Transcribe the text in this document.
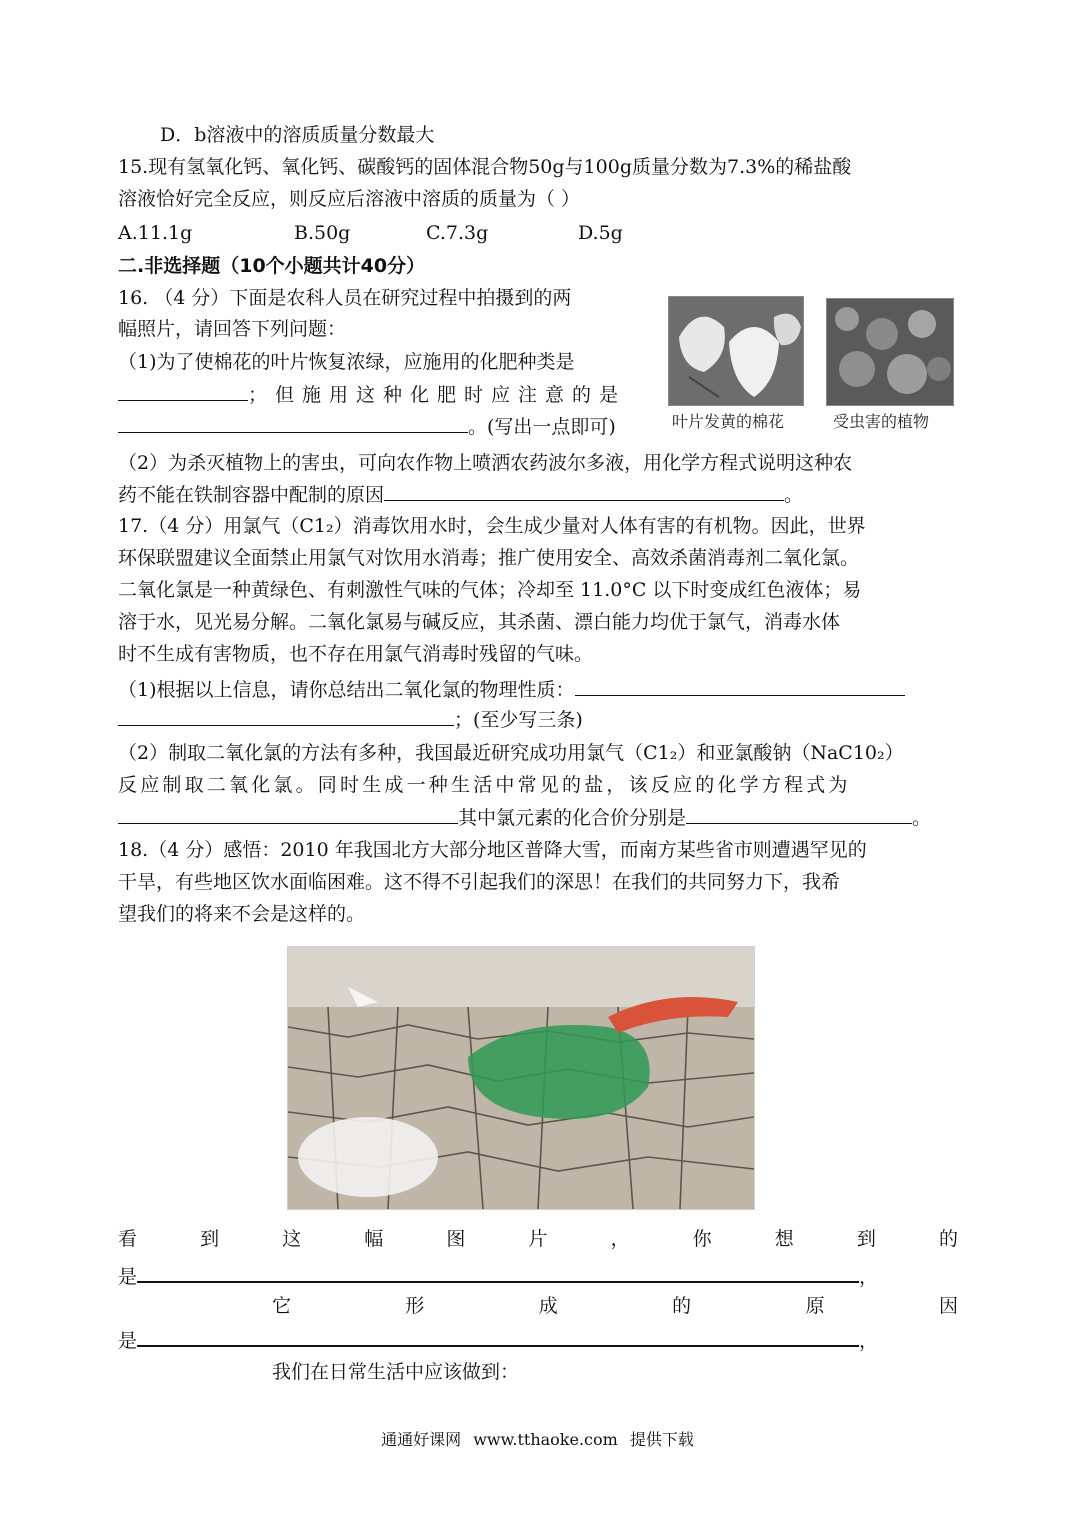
D．b溶液中的溶质质量分数最大
15.现有氢氧化钙、氧化钙、碳酸钙的固体混合物50g与100g质量分数为7.3%的稀盐酸
溶液恰好完全反应，则反应后溶液中溶质的质量为（ ）
A.11.1g	B.50g	C.7.3g	D.5g
二.非选择题（10个小题共计40分）
16. （4 分）下面是农科人员在研究过程中拍摄到的两
幅照片，请回答下列问题：
（1)为了使棉花的叶片恢复浓绿，应施用的化肥种类是
；但施用这种化肥时应注意的是
。(写出一点即可)	叶片发黄的棉花	受虫害的植物
（2）为杀灭植物上的害虫，可向农作物上喷洒农药波尔多液，用化学方程式说明这种农
药不能在铁制容器中配制的原因	。
17.（4 分）用氯气（C1₂）消毒饮用水时，会生成少量对人体有害的有机物。因此，世界
环保联盟建议全面禁止用氯气对饮用水消毒；推广使用安全、高效杀菌消毒剂二氧化氯。
二氧化氯是一种黄绿色、有刺激性气味的气体；冷却至 11.0°C 以下时变成红色液体；易
溶于水，见光易分解。二氧化氯易与碱反应，其杀菌、漂白能力均优于氯气，消毒水体
时不生成有害物质，也不存在用氯气消毒时残留的气味。
（1)根据以上信息，请你总结出二氧化氯的物理性质：
；(至少写三条)
（2）制取二氧化氯的方法有多种，我国最近研究成功用氯气（C1₂）和亚氯酸钠（NaC10₂）
反应制取二氧化氯。同时生成一种生活中常见的盐，该反应的化学方程式为
其中氯元素的化合价分别是	。
18.（4 分）感悟：2010 年我国北方大部分地区普降大雪，而南方某些省市则遭遇罕见的
干旱，有些地区饮水面临困难。这不得不引起我们的深思！在我们的共同努力下，我希
望我们的将来不会是这样的。
看	到	这	幅	图	片	，	你	想	到	的
是	，
它	形	成	的	原	因
是	，
我们在日常生活中应该做到：
通通好课网 www.tthaoke.com 提供下载
